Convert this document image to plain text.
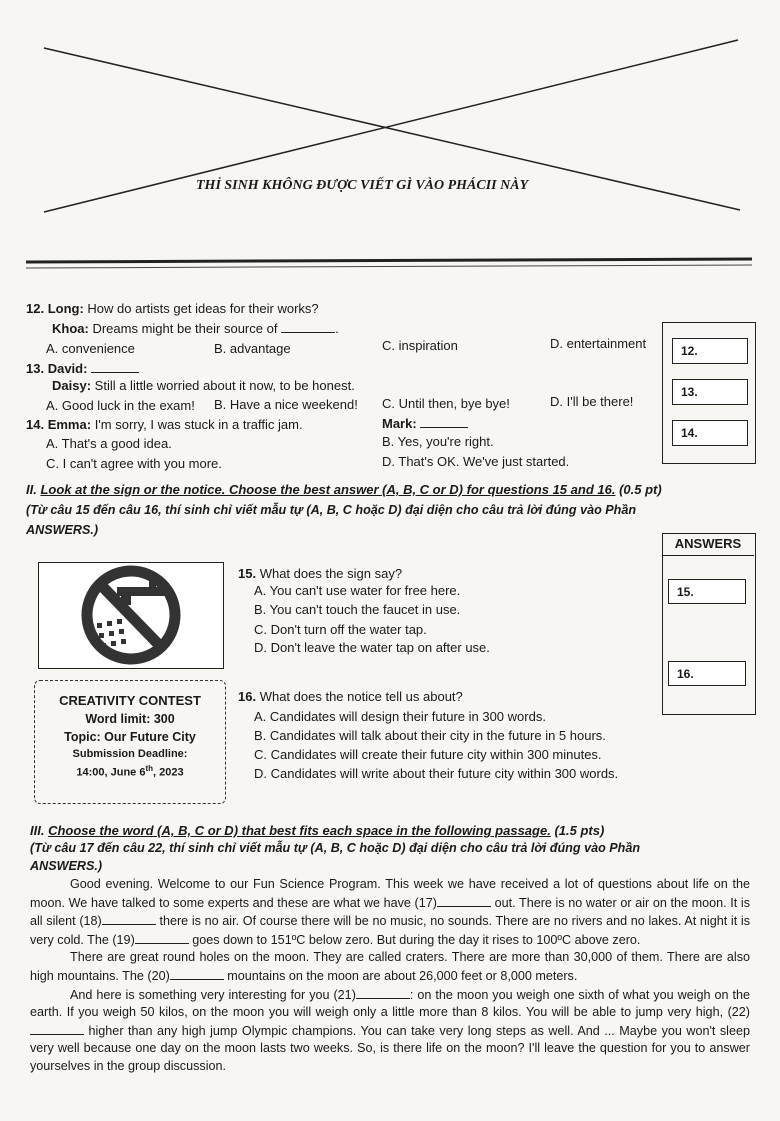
THỈ SINH KHÔNG ĐƯỢC VIẾT GÌ VÀO PHÁCII NÀY
12. Long: How do artists get ideas for their works?
Khoa: Dreams might be their source of	.
A. convenience	B. advantage	C. inspiration	D. entertainment
13. David:
Daisy: Still a little worried about it now, to be honest.
A. Good luck in the exam! B. Have a nice weekend! C. Until then, bye bye!	D. I'll be there!
14. Emma: I'm sorry, I was stuck in a traffic jam.	Mark:
A. That's a good idea.	B. Yes, you're right.
C. I can't agree with you more.	D. That's OK. We've just started.
12.
13.
14.
II. Look at the sign or the notice. Choose the best answer (A, B, C or D) for questions 15 and 16. (0.5 pt)
(Từ câu 15 đến câu 16, thí sinh chỉ viết mẫu tự (A, B, C hoặc D) đại diện cho câu trả lời đúng vào Phần
ANSWERS.)
ANSWERS
15.
16.
15. What does the sign say?
A. You can't use water for free here.
B. You can't touch the faucet in use.
C. Don't turn off the water tap.
D. Don't leave the water tap on after use.
CREATIVITY CONTEST
Word limit: 300
Topic: Our Future City
Submission Deadline:
14:00, June 6th, 2023
16. What does the notice tell us about?
A. Candidates will design their future in 300 words.
B. Candidates will talk about their city in the future in 5 hours.
C. Candidates will create their future city within 300 minutes.
D. Candidates will write about their future city within 300 words.
III. Choose the word (A, B, C or D) that best fits each space in the following passage. (1.5 pts)
(Từ câu 17 đến câu 22, thí sinh chỉ viết mẫu tự (A, B, C hoặc D) đại diện cho câu trả lời đúng vào Phần
ANSWERS.)

Good evening. Welcome to our Fun Science Program. This week we have received a lot of questions about life on the moon. We have talked to some experts and these are what we have (17)	out. There is no water or air on the moon. It is all silent (18)	there is no air. Of course there will be no music, no sounds. There are no rivers and no lakes. At night it is very cold. The (19)	goes down to 151ºC below zero. But during the day it rises to 100ºC above zero.

There are great round holes on the moon. They are called craters. There are more than 30,000 of them. There are also high mountains. The (20)	mountains on the moon are about 26,000 feet or 8,000 meters.

And here is something very interesting for you (21)	: on the moon you weigh one sixth of what you weigh on the earth. If you weigh 50 kilos, on the moon you will weigh only a little more than 8 kilos. You will be able to jump very high, (22) higher than any high jump Olympic champions. You can take very long steps as well. And ... Maybe you won't sleep very well because one day on the moon lasts two weeks. So, is there life on the moon? I'll leave the question for you to answer yourselves in the group discussion.
